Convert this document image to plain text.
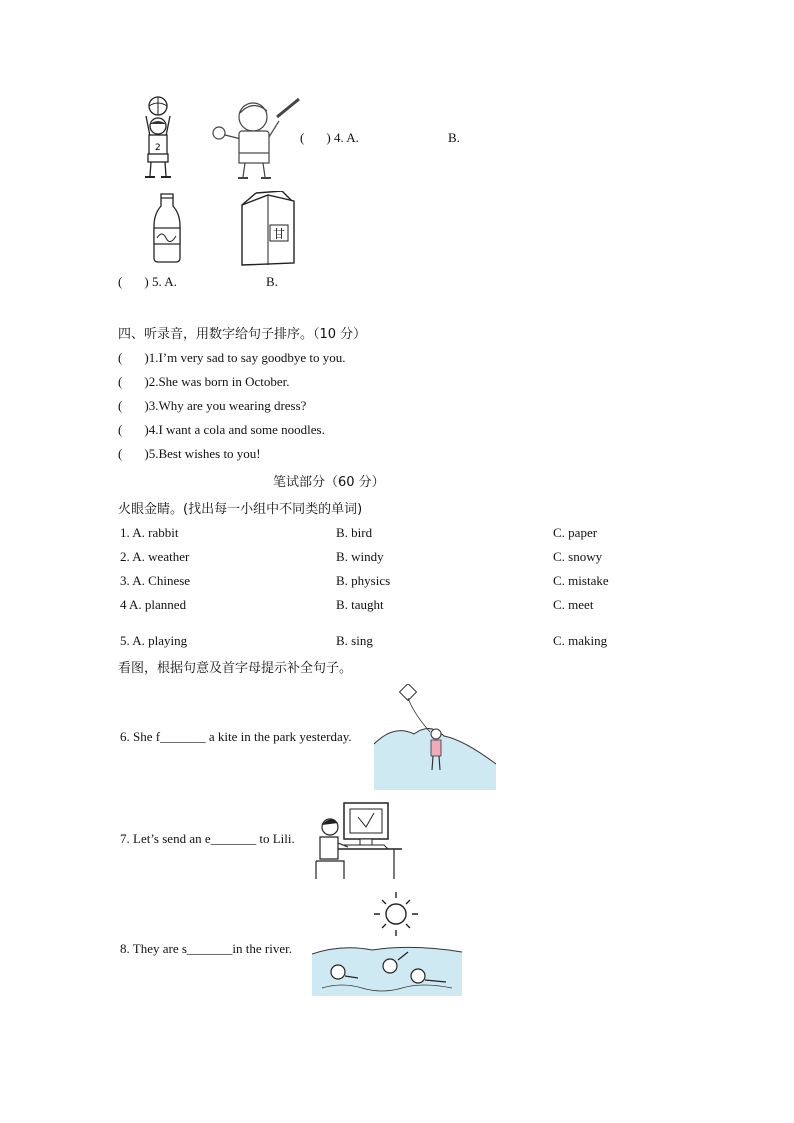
2
( ) 4. A.	B.
甘
( ) 5. A.	B.
四、听录音，用数字给句子排序。（10 分）
( )1.I’m very sad to say goodbye to you.
( )2.She was born in October.
( )3.Why are you wearing dress?
( )4.I want a cola and some noodles.
( )5.Best wishes to you!
笔试部分（60 分）
火眼金睛。(找出每一小组中不同类的单词)
1. A. rabbit	B. bird	C. paper
2. A. weather	B. windy	C. snowy
3. A. Chinese	B. physics	C. mistake
4 A. planned	B. taught	C. meet
5. A. playing	B. sing	C. making
看图，根据句意及首字母提示补全句子。
6. She f_______ a kite in the park yesterday.
7. Let’s send an e_______ to Lili.
8. They are s_______in the river.
